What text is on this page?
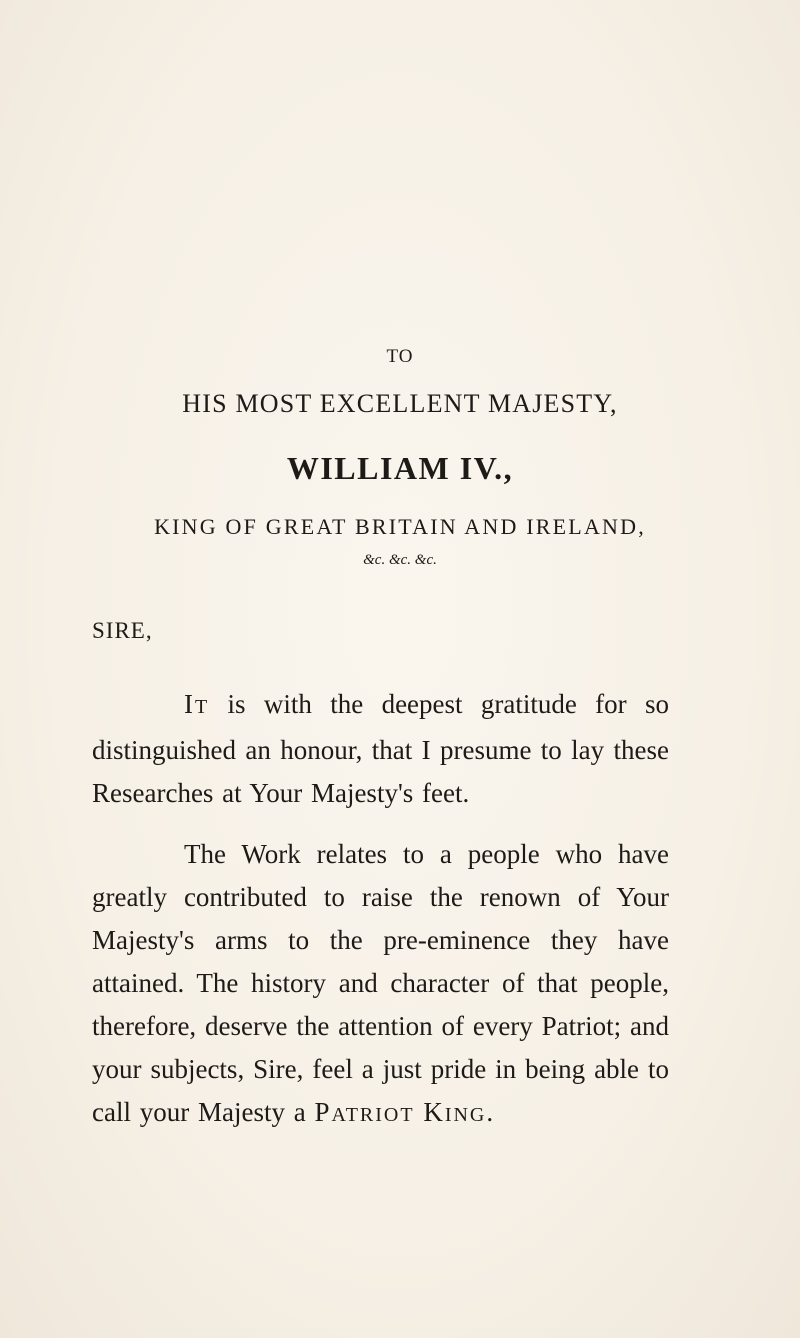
TO
HIS MOST EXCELLENT MAJESTY,
WILLIAM IV.,
KING OF GREAT BRITAIN AND IRELAND,
&c. &c. &c.
SIRE,

IT is with the deepest gratitude for so distinguished an honour, that I presume to lay these Researches at Your Majesty's feet.

The Work relates to a people who have greatly contributed to raise the renown of Your Majesty's arms to the pre-eminence they have attained. The history and character of that people, therefore, deserve the attention of every Patriot; and your subjects, Sire, feel a just pride in being able to call your Majesty a PATRIOT KING.
